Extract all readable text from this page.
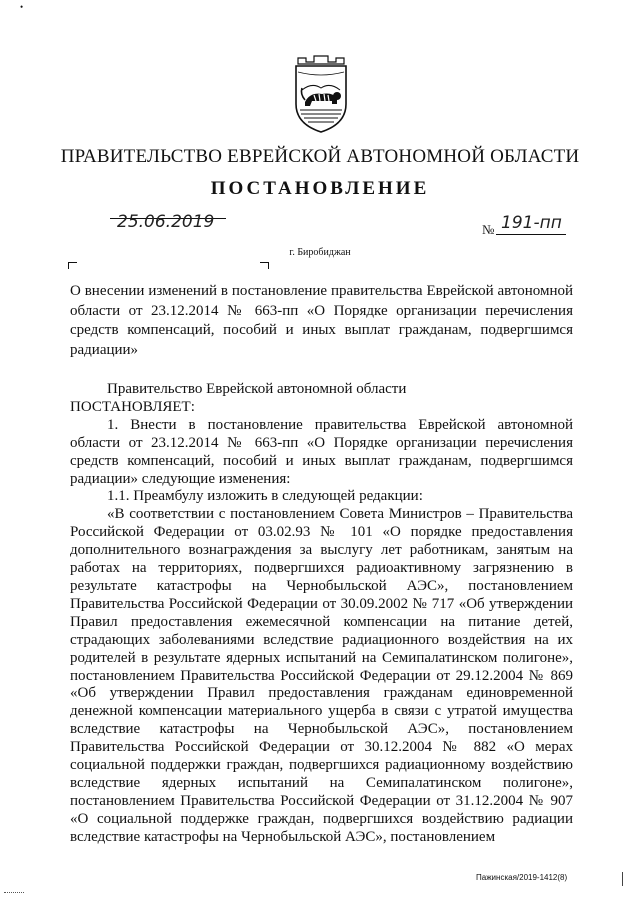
•
ПРАВИТЕЛЬСТВО ЕВРЕЙСКОЙ АВТОНОМНОЙ ОБЛАСТИ
ПОСТАНОВЛЕНИЕ
25.06.2019	№ 191-пп
г. Биробиджан
О внесении изменений в постановление правительства Еврейской автономной области от 23.12.2014 № 663-пп «О Порядке организации перечисления средств компенсаций, пособий и иных выплат гражданам, подвергшимся радиации»

Правительство Еврейской автономной области

ПОСТАНОВЛЯЕТ:

1. Внести в постановление правительства Еврейской автономной области от 23.12.2014 № 663-пп «О Порядке организации перечисления средств компенсаций, пособий и иных выплат гражданам, подвергшимся радиации» следующие изменения:

1.1. Преамбулу изложить в следующей редакции:

«В соответствии с постановлением Совета Министров – Правительства Российской Федерации от 03.02.93 № 101 «О порядке предоставления дополнительного вознаграждения за выслугу лет работникам, занятым на работах на территориях, подвергшихся радиоактивному загрязнению в результате катастрофы на Чернобыльской АЭС», постановлением Правительства Российской Федерации от 30.09.2002 № 717 «Об утверждении Правил предоставления ежемесячной компенсации на питание детей, страдающих заболеваниями вследствие радиационного воздействия на их родителей в результате ядерных испытаний на Семипалатинском полигоне», постановлением Правительства Российской Федерации от 29.12.2004 № 869 «Об утверждении Правил предоставления гражданам единовременной денежной компенсации материального ущерба в связи с утратой имущества вследствие катастрофы на Чернобыльской АЭС», постановлением Правительства Российской Федерации от 30.12.2004 № 882 «О мерах социальной поддержки граждан, подвергшихся радиационному воздействию вследствие ядерных испытаний на Семипалатинском полигоне», постановлением Правительства Российской Федерации от 31.12.2004 № 907 «О социальной поддержке граждан, подвергшихся воздействию радиации вследствие катастрофы на Чернобыльской АЭС», постановлением

Пажинская/2019-1412(8)
